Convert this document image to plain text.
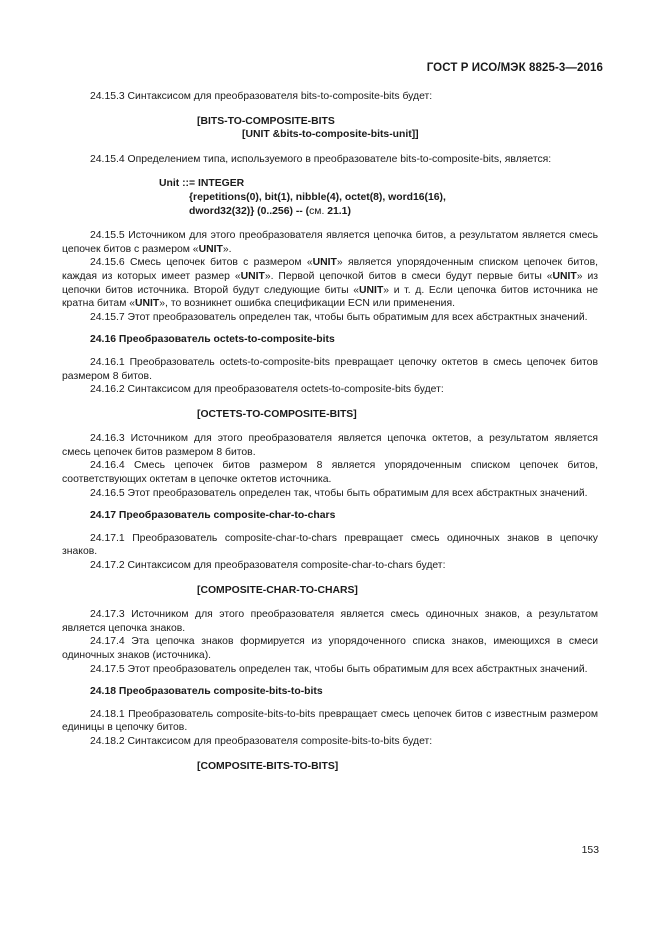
ГОСТ Р ИСО/МЭК 8825-3—2016

24.15.3 Синтаксисом для преобразователя bits-to-composite-bits будет:

[BITS-TO-COMPOSITE-BITS

[UNIT &bits-to-composite-bits-unit]]

24.15.4 Определением типа, используемого в преобразователе bits-to-composite-bits, является:

Unit ::= INTEGER

{repetitions(0), bit(1), nibble(4), octet(8), word16(16),

dword32(32)} (0..256) -- (см. 21.1)

24.15.5 Источником для этого преобразователя является цепочка битов, а результатом является смесь цепочек битов с размером «UNIT».

24.15.6 Смесь цепочек битов с размером «UNIT» является упорядоченным списком цепочек битов, каждая из которых имеет размер «UNIT». Первой цепочкой битов в смеси будут первые биты «UNIT» из цепочки битов источника. Второй будут следующие биты «UNIT» и т. д. Если цепочка битов источника не кратна битам «UNIT», то возникнет ошибка спецификации ECN или применения.

24.15.7 Этот преобразователь определен так, чтобы быть обратимым для всех абстрактных значений.

24.16 Преобразователь octets-to-composite-bits

24.16.1 Преобразователь octets-to-composite-bits превращает цепочку октетов в смесь цепочек битов размером 8 битов.

24.16.2 Синтаксисом для преобразователя octets-to-composite-bits будет:

[OCTETS-TO-COMPOSITE-BITS]

24.16.3 Источником для этого преобразователя является цепочка октетов, а результатом является смесь цепочек битов размером 8 битов.

24.16.4 Смесь цепочек битов размером 8 является упорядоченным списком цепочек битов, соответствующих октетам в цепочке октетов источника.

24.16.5 Этот преобразователь определен так, чтобы быть обратимым для всех абстрактных значений.

24.17 Преобразователь composite-char-to-chars

24.17.1 Преобразователь composite-char-to-chars превращает смесь одиночных знаков в цепочку знаков.

24.17.2 Синтаксисом для преобразователя composite-char-to-chars будет:

[COMPOSITE-CHAR-TO-CHARS]

24.17.3 Источником для этого преобразователя является смесь одиночных знаков, а результатом является цепочка знаков.

24.17.4 Эта цепочка знаков формируется из упорядоченного списка знаков, имеющихся в смеси одиночных знаков (источника).

24.17.5 Этот преобразователь определен так, чтобы быть обратимым для всех абстрактных значений.

24.18 Преобразователь composite-bits-to-bits

24.18.1 Преобразователь composite-bits-to-bits превращает смесь цепочек битов с известным размером единицы в цепочку битов.

24.18.2 Синтаксисом для преобразователя composite-bits-to-bits будет:

[COMPOSITE-BITS-TO-BITS]

153
